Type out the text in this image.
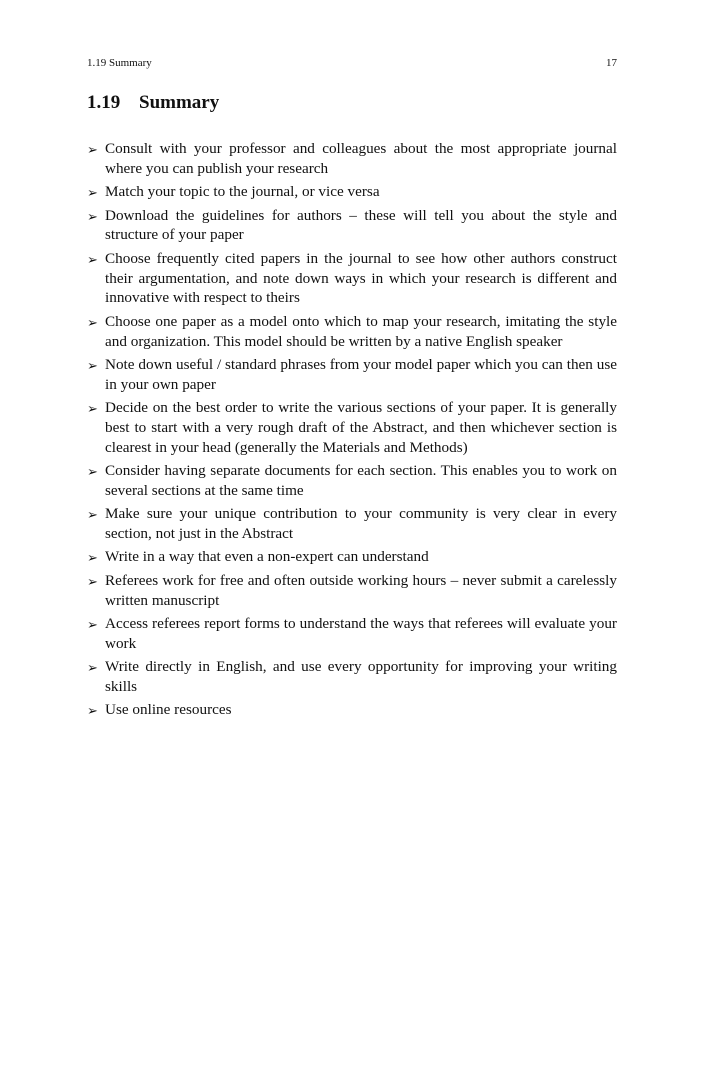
1.19 Summary	17
1.19 Summary
➢ Consult with your professor and colleagues about the most appropriate journal where you can publish your research
➢ Match your topic to the journal, or vice versa
➢ Download the guidelines for authors – these will tell you about the style and structure of your paper
➢ Choose frequently cited papers in the journal to see how other authors construct their argumentation, and note down ways in which your research is different and innovative with respect to theirs
➢ Choose one paper as a model onto which to map your research, imitating the style and organization. This model should be written by a native English speaker
➢ Note down useful / standard phrases from your model paper which you can then use in your own paper
➢ Decide on the best order to write the various sections of your paper. It is generally best to start with a very rough draft of the Abstract, and then whichever section is clearest in your head (generally the Materials and Methods)
➢ Consider having separate documents for each section. This enables you to work on several sections at the same time
➢ Make sure your unique contribution to your community is very clear in every section, not just in the Abstract
➢ Write in a way that even a non-expert can understand
➢ Referees work for free and often outside working hours – never submit a carelessly written manuscript
➢ Access referees report forms to understand the ways that referees will evaluate your work
➢ Write directly in English, and use every opportunity for improving your writing skills
➢ Use online resources
